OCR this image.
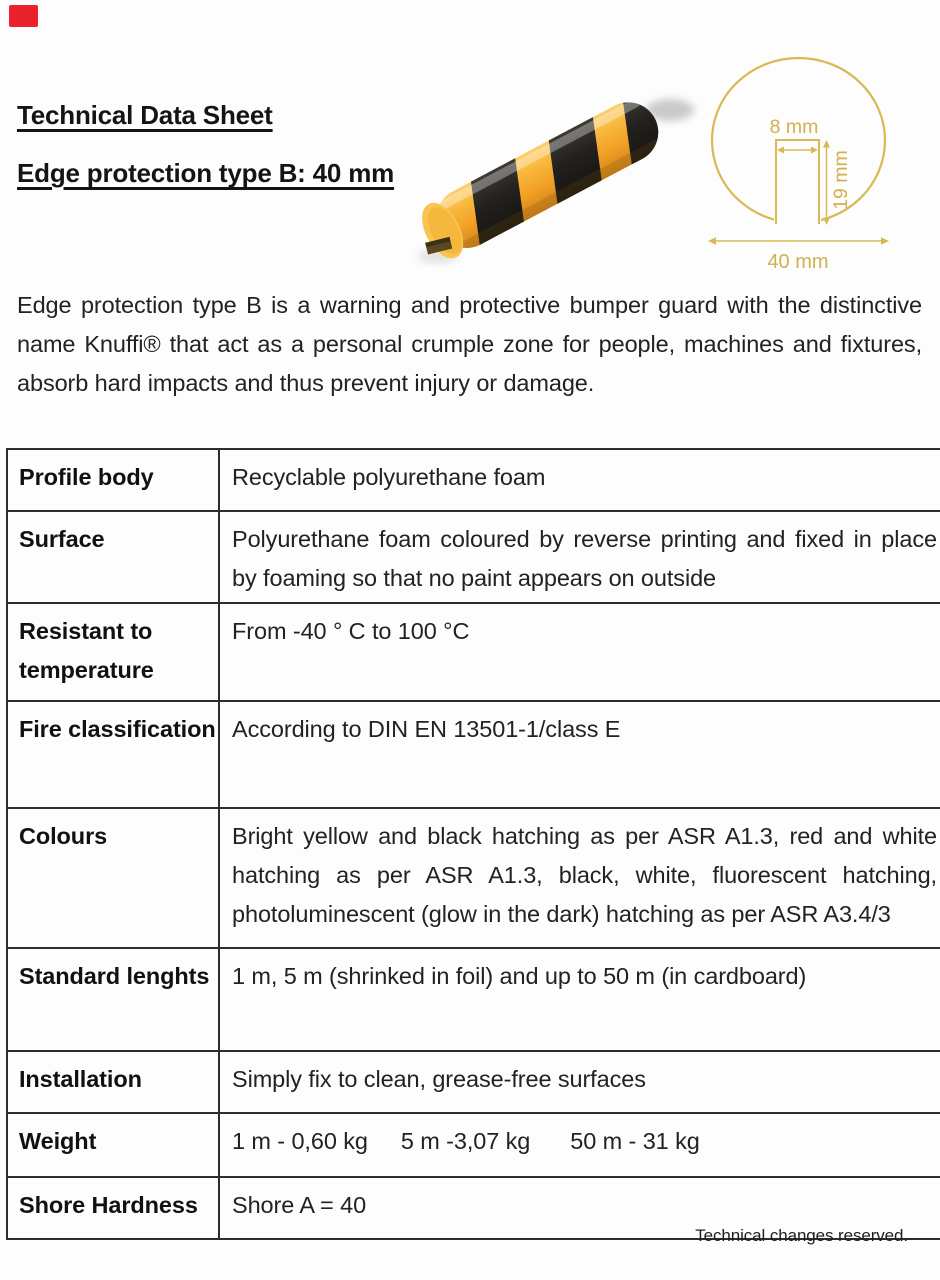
Technical Data Sheet
Edge protection type B: 40 mm
8 mm
19 mm
40 mm

Edge protection type B is a warning and protective bumper guard with the distinctive name Knuffi® that act as a personal crumple zone for people, machines and fixtures, absorb hard impacts and thus prevent injury or damage.

Profile body	Recyclable polyurethane foam
Surface	Polyurethane foam coloured by reverse printing and fixed in place by foaming so that no paint appears on outside
Resistant to temperature	From -40 ° C to 100 °C
Fire classification	According to DIN EN 13501-1/class E
Colours	Bright yellow and black hatching as per ASR A1.3, red and white hatching as per ASR A1.3, black, white, fluorescent hatching, photoluminescent (glow in the dark) hatching as per ASR A3.4/3
Standard lenghts	1 m, 5 m (shrinked in foil) and up to 50 m (in cardboard)
Installation	Simply fix to clean, grease-free surfaces
Weight	1 m - 0,60 kg 5 m -3,07 kg 50 m - 31 kg
Shore Hardness	Shore A = 40
Technical changes reserved.
